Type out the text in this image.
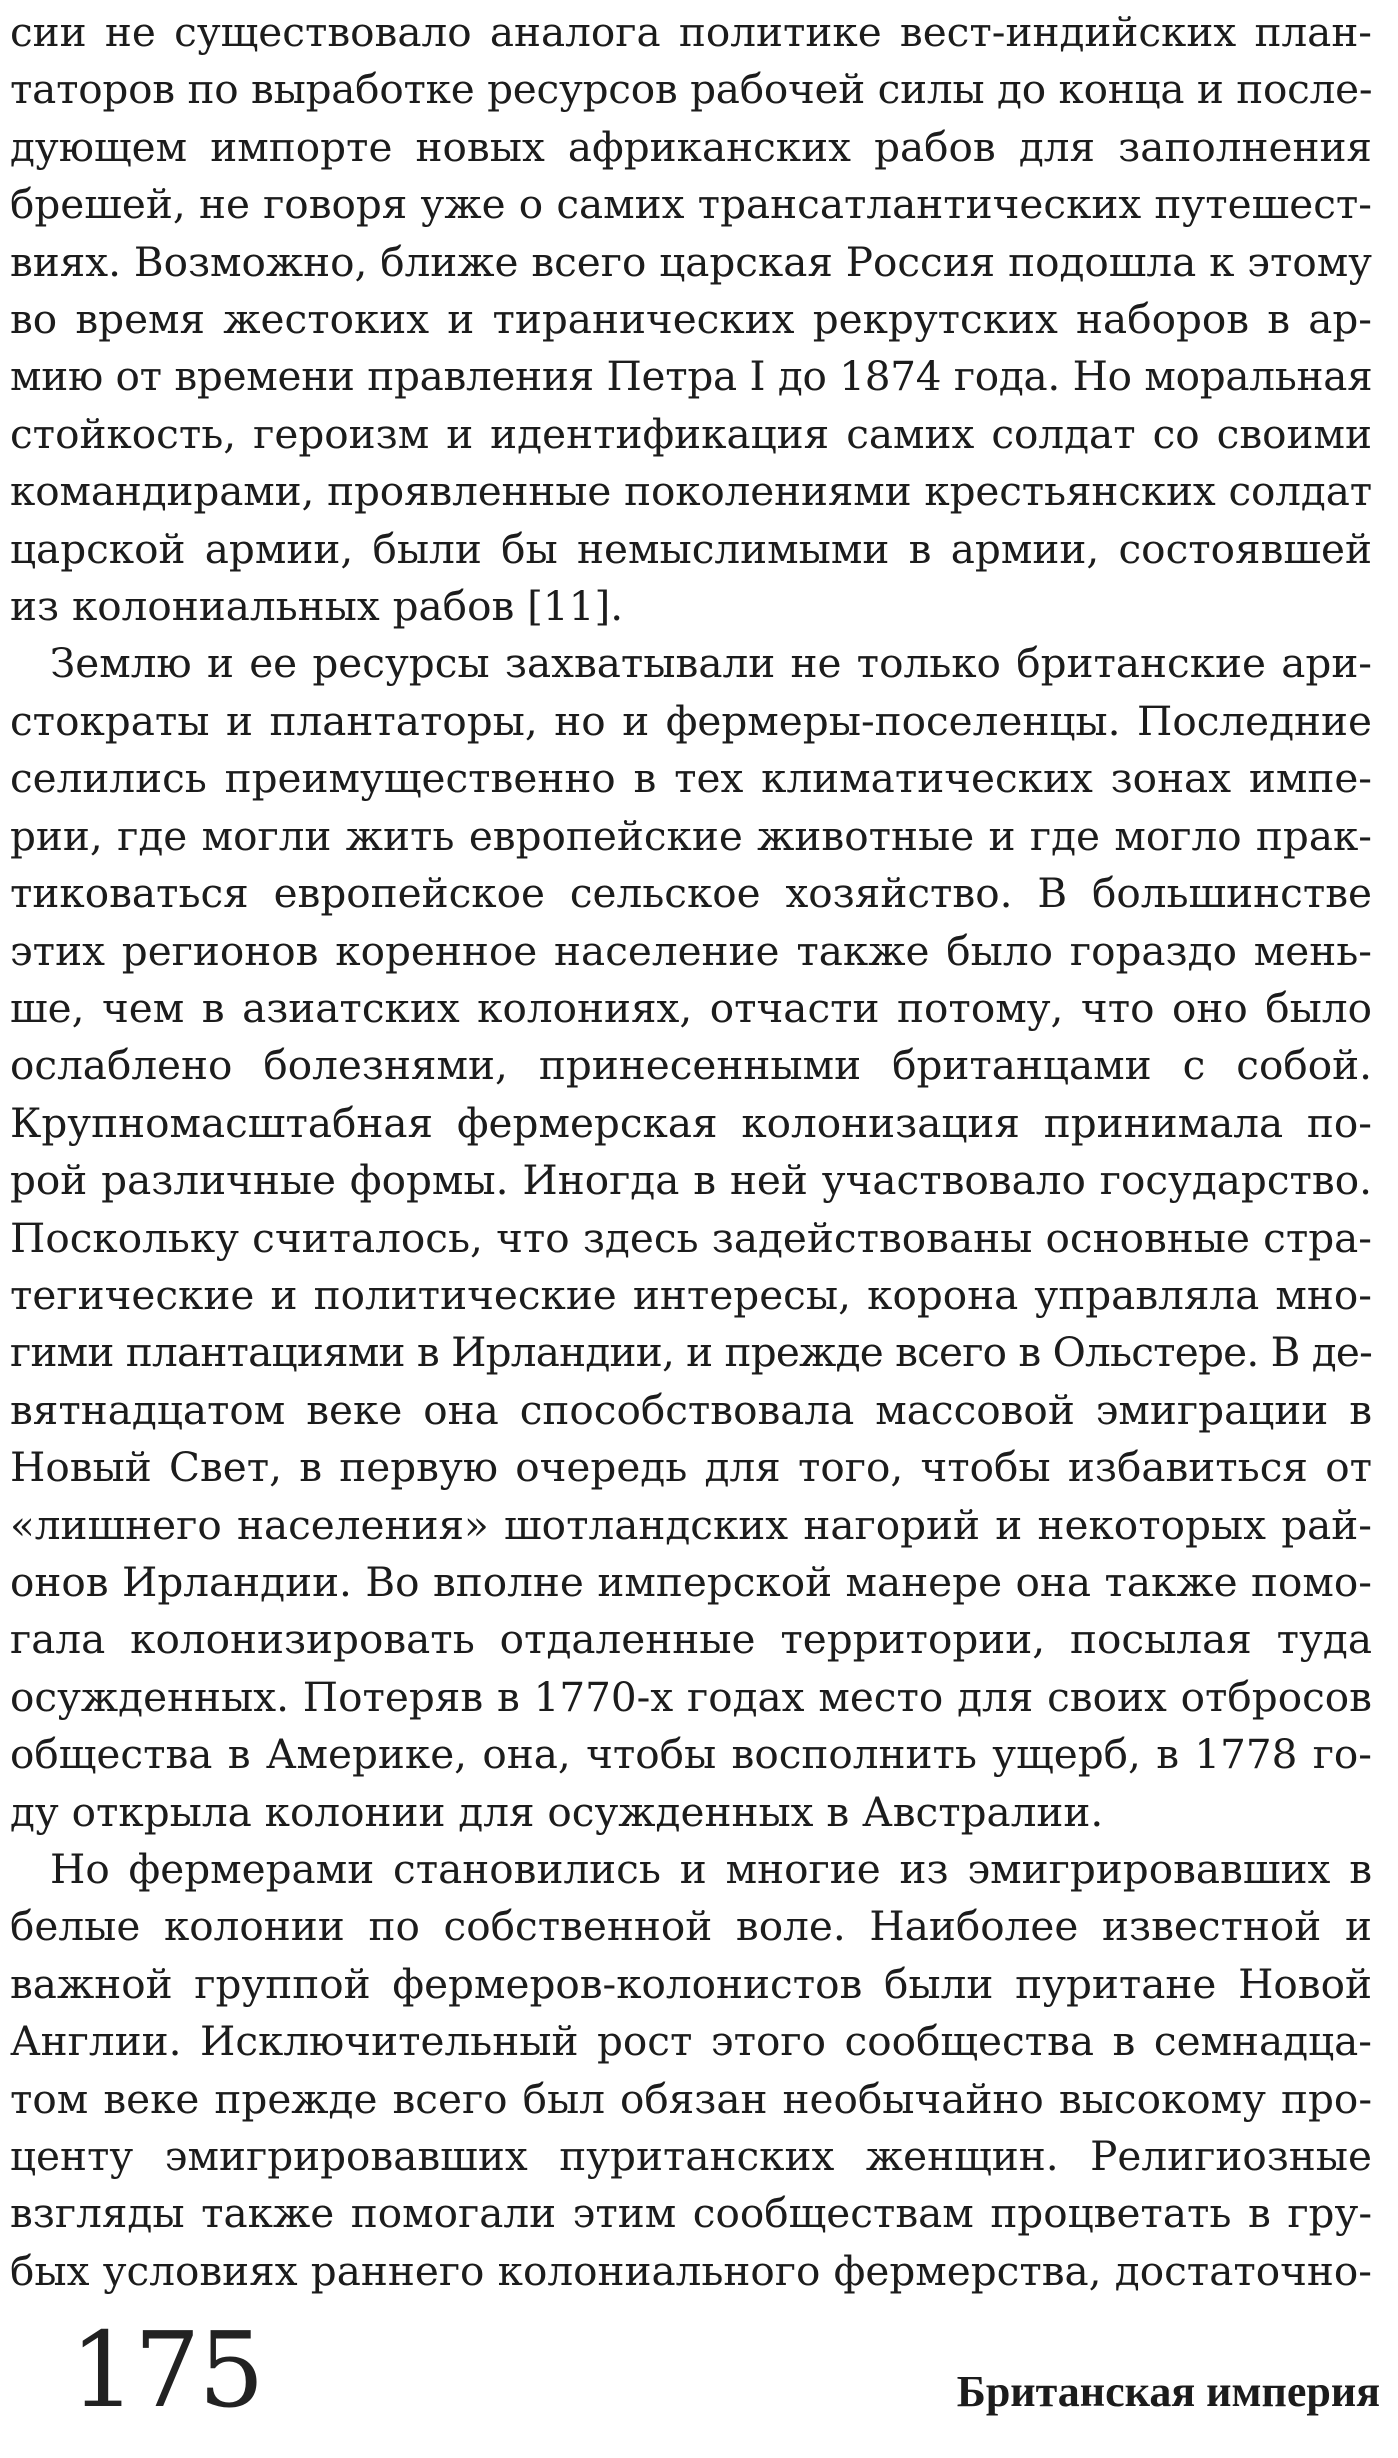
сии не существовало аналога политике вест-индийских план-
таторов по выработке ресурсов рабочей силы до конца и после-
дующем импорте новых африканских рабов для заполнения
брешей, не говоря уже о самих трансатлантических путешест-
виях. Возможно, ближе всего царская Россия подошла к этому
во время жестоких и тиранических рекрутских наборов в ар-
мию от времени правления Петра I до 1874 года. Но моральная
стойкость, героизм и идентификация самих солдат со своими
командирами, проявленные поколениями крестьянских солдат
царской армии, были бы немыслимыми в армии, состоявшей
из колониальных рабов [11].

Землю и ее ресурсы захватывали не только британские ари-
стократы и плантаторы, но и фермеры-поселенцы. Последние
селились преимущественно в тех климатических зонах импе-
рии, где могли жить европейские животные и где могло прак-
тиковаться европейское сельское хозяйство. В большинстве
этих регионов коренное население также было гораздо мень-
ше, чем в азиатских колониях, отчасти потому, что оно было
ослаблено болезнями, принесенными британцами с собой.
Крупномасштабная фермерская колонизация принимала по-
рой различные формы. Иногда в ней участвовало государство.
Поскольку считалось, что здесь задействованы основные стра-
тегические и политические интересы, корона управляла мно-
гими плантациями в Ирландии, и прежде всего в Ольстере. В де-
вятнадцатом веке она способствовала массовой эмиграции в
Новый Свет, в первую очередь для того, чтобы избавиться от
«лишнего населения» шотландских нагорий и некоторых рай-
онов Ирландии. Во вполне имперской манере она также помо-
гала колонизировать отдаленные территории, посылая туда
осужденных. Потеряв в 1770-х годах место для своих отбросов
общества в Америке, она, чтобы восполнить ущерб, в 1778 го-
ду открыла колонии для осужденных в Австралии.

Но фермерами становились и многие из эмигрировавших в
белые колонии по собственной воле. Наиболее известной и
важной группой фермеров-колонистов были пуритане Новой
Англии. Исключительный рост этого сообщества в семнадца-
том веке прежде всего был обязан необычайно высокому про-
центу эмигрировавших пуританских женщин. Религиозные
взгляды также помогали этим сообществам процветать в гру-
бых условиях раннего колониального фермерства, достаточно-

175	Британская империя
